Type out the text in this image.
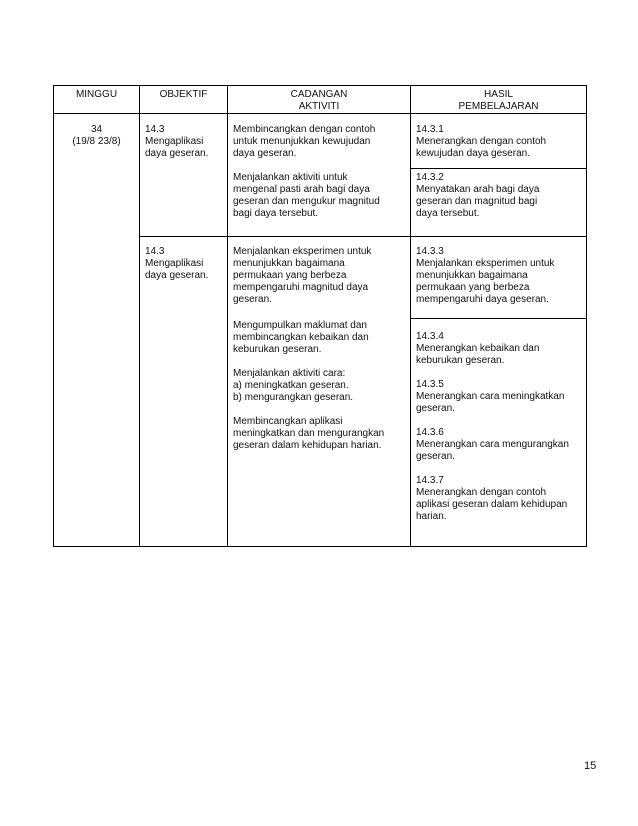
MINGGU	OBJEKTIF	CADANGAN
AKTIVITI
HASIL
PEMBELAJARAN
34
(19/8 23/8)
14.3
Mengaplikasi
daya geseran.
Membincangkan dengan contoh
untuk menunjukkan kewujudan
daya geseran.
Menjalankan aktiviti untuk
mengenal pasti arah bagi daya
geseran dan mengukur magnitud
bagi daya tersebut.
14.3.1
Menerangkan dengan contoh
kewujudan daya geseran.
14.3.2
Menyatakan arah bagi daya
geseran dan magnitud bagi
daya tersebut.
14.3
Mengaplikasi
daya geseran.
Menjalankan eksperimen untuk
menunjukkan bagaimana
permukaan yang berbeza
mempengaruhi magnitud daya
geseran.
Mengumpulkan maklumat dan
membincangkan kebaikan dan
keburukan geseran.
Menjalankan aktiviti cara:
a) meningkatkan geseran.
b) mengurangkan geseran.
Membincangkan aplikasi
meningkatkan dan mengurangkan
geseran dalam kehidupan harian.
14.3.3
Menjalankan eksperimen untuk
menunjukkan bagaimana
permukaan yang berbeza
mempengaruhi daya geseran.
14.3.4
Menerangkan kebaikan dan
keburukan geseran.
14.3.5
Menerangkan cara meningkatkan
geseran.
14.3.6
Menerangkan cara mengurangkan
geseran.
14.3.7
Menerangkan dengan contoh
aplikasi geseran dalam kehidupan
harian.
15
